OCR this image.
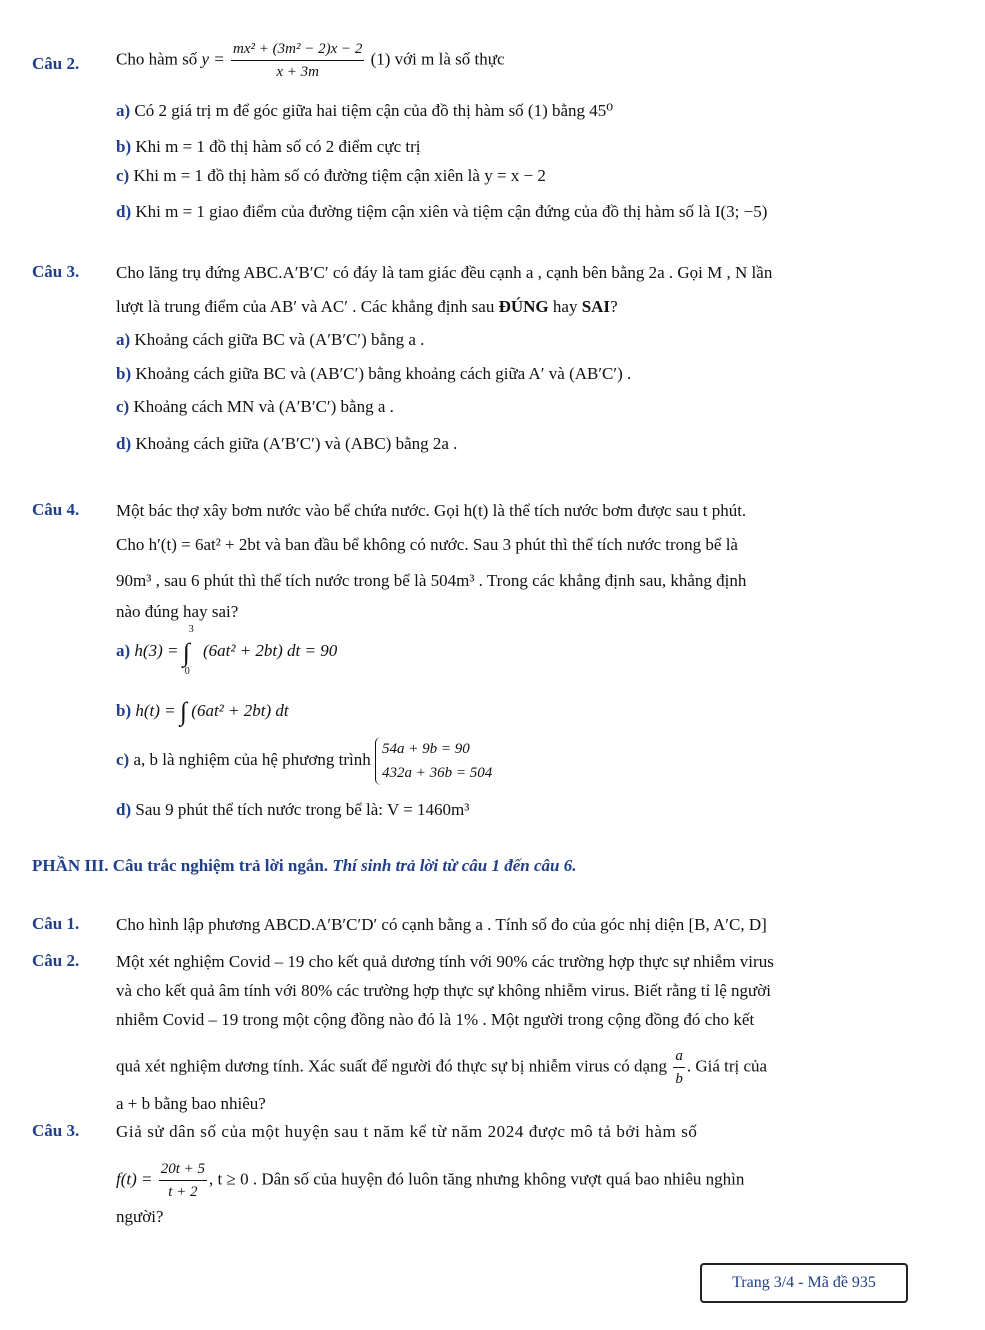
Câu 2. Cho hàm số $y = \frac{\text{mx² + (3m² − 2)x − 2}}{x + 3m} (1)$ với m là số thực
a) Có 2 giá trị m để góc giữa hai tiệm cận của đồ thị hàm số (1) bằng 45⁰
b) Khi m = 1 đồ thị hàm số có 2 điểm cực trị
c) Khi m = 1 đồ thị hàm số có đường tiệm cận xiên là y = x − 2
d) Khi m = 1 giao điểm của đường tiệm cận xiên và tiệm cận đứng của đồ thị hàm số là I(3; −5)
Câu 3. Cho lăng trụ đứng ABC.A′B′C′ có đáy là tam giác đều cạnh a , cạnh bên bằng 2a . Gọi M , N lần
lượt là trung điểm của AB′ và AC′ . Các khẳng định sau ĐÚNG hay SAI?
a) Khoảng cách giữa BC và (A′B′C′) bằng a .
b) Khoảng cách giữa BC và (AB′C′) bằng khoảng cách giữa A′ và (AB′C′) .
c) Khoảng cách MN và (A′B′C′) bằng a .
d) Khoảng cách giữa (A′B′C′) và (ABC) bằng 2a .
Câu 4. Một bác thợ xây bơm nước vào bể chứa nước. Gọi h(t) là thể tích nước bơm được sau t phút.
Cho h′(t) = 6at² + 2bt và ban đầu bể không có nước. Sau 3 phút thì thể tích nước trong bể là
90m³ , sau 6 phút thì thể tích nước trong bể là 504m³ . Trong các khẳng định sau, khẳng định
nào đúng hay sai?
a) h(3) =
3
∫
0
(6at² + 2bt) dt = 90
b) h(t) = ∫ (6at² + 2bt) dt
c) a, b là nghiệm của hệ phương trình
54a + 9b = 90
432a + 36b = 504
d) Sau 9 phút thể tích nước trong bể là: V = 1460m³
PHẦN III. Câu trắc nghiệm trả lời ngắn. Thí sinh trả lời từ câu 1 đến câu 6.
Câu 1. Cho hình lập phương ABCD.A′B′C′D′ có cạnh bằng a . Tính số đo của góc nhị diện [B, A′C, D]
Câu 2. Một xét nghiệm Covid – 19 cho kết quả dương tính với 90% các trường hợp thực sự nhiễm virus
và cho kết quả âm tính với 80% các trường hợp thực sự không nhiễm virus. Biết rằng tỉ lệ người
nhiễm Covid – 19 trong một cộng đồng nào đó là 1% . Một người trong cộng đồng đó cho kết
quả xét nghiệm dương tính. Xác suất để người đó thực sự bị nhiễm virus có dạng $\frac{a}{b}$ . Giá trị của
a + b bằng bao nhiêu?
Câu 3. Giả sử dân số của một huyện sau t năm kể từ năm 2024 được mô tả bởi hàm số
$f(t) = \frac{20t + 5}{t + 2}$ , t ≥ 0 . Dân số của huyện đó luôn tăng nhưng không vượt quá bao nhiêu nghìn
người?
Trang 3/4 - Mã đề 935
